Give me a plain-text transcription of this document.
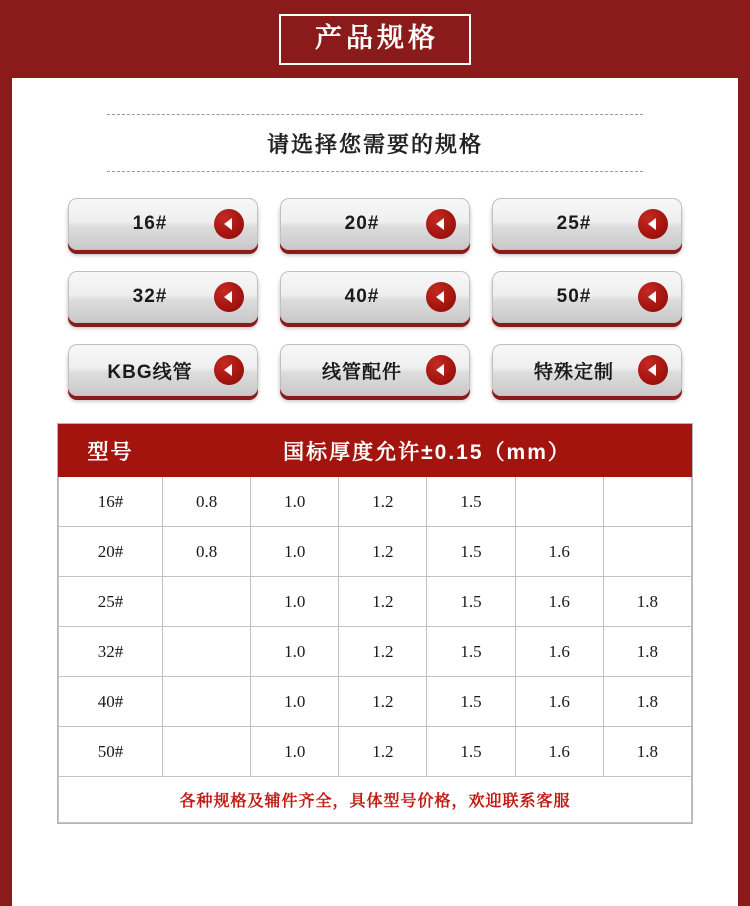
产品规格
请选择您需要的规格
16#	20#	25#
32#	40#	50#
KBG线管	线管配件	特殊定制
型号	国标厚度允许±0.15（mm）					
16#	0.8	1.0	1.2	1.5		
20#	0.8	1.0	1.2	1.5	1.6	
25#		1.0	1.2	1.5	1.6	1.8
32#		1.0	1.2	1.5	1.6	1.8
40#		1.0	1.2	1.5	1.6	1.8
50#		1.0	1.2	1.5	1.6	1.8
各种规格及辅件齐全，具体型号价格，欢迎联系客服						
